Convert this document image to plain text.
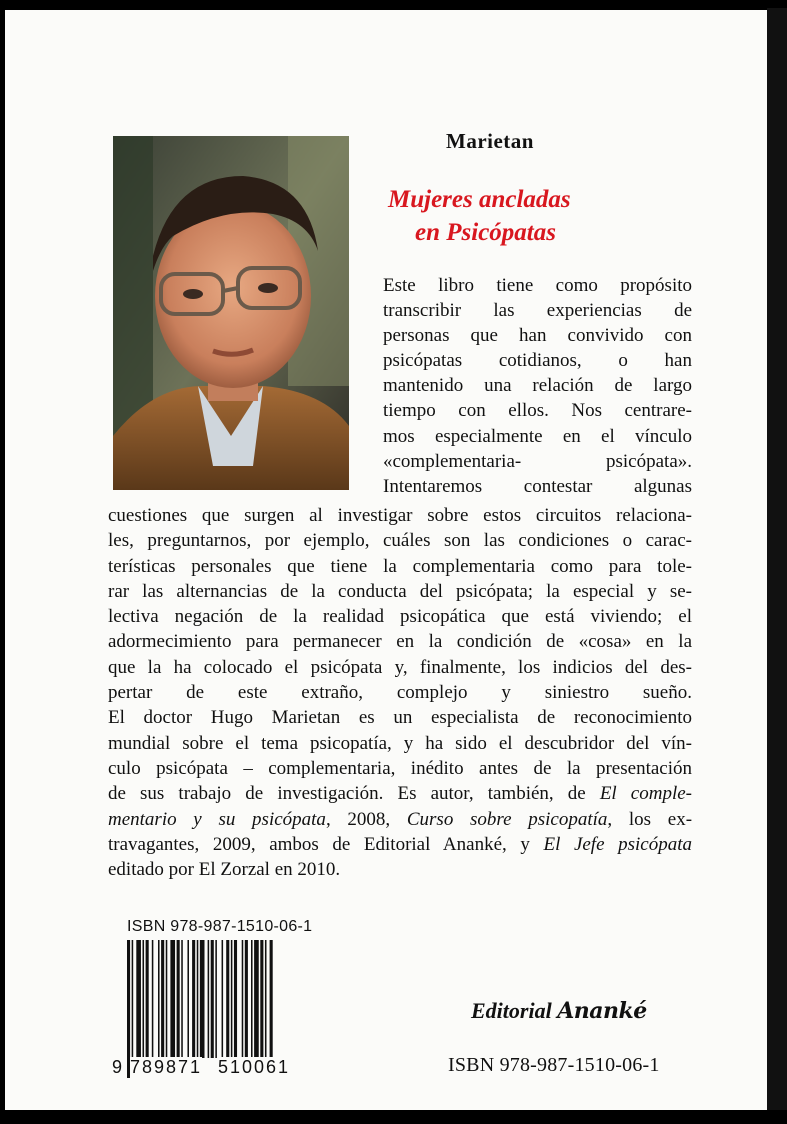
Marietan
Mujeres ancladas
en Psicópatas
Este libro tiene como propósito
transcribir las experiencias de
personas que han convivido con
psicópatas cotidianos, o han
mantenido una relación de largo
tiempo con ellos. Nos centrare-
mos especialmente en el vínculo
«complementaria- psicópata».
Intentaremos contestar algunas
cuestiones que surgen al investigar sobre estos circuitos relaciona-
les, preguntarnos, por ejemplo, cuáles son las condiciones o carac-
terísticas personales que tiene la complementaria como para tole-
rar las alternancias de la conducta del psicópata; la especial y se-
lectiva negación de la realidad psicopática que está viviendo; el
adormecimiento para permanecer en la condición de «cosa» en la
que la ha colocado el psicópata y, finalmente, los indicios del des-
pertar de este extraño, complejo y siniestro sueño.
El doctor Hugo Marietan es un especialista de reconocimiento
mundial sobre el tema psicopatía, y ha sido el descubridor del vín-
culo psicópata – complementaria, inédito antes de la presentación
de sus trabajo de investigación. Es autor, también, de El comple-
mentario y su psicópata, 2008, Curso sobre psicopatía, los ex-
travagantes, 2009, ambos de Editorial Ananké, y El Jefe psicópata
editado por El Zorzal en 2010.
ISBN 978-987-1510-06-1
9 789871 510061
Editorial Ananké
ISBN 978-987-1510-06-1
